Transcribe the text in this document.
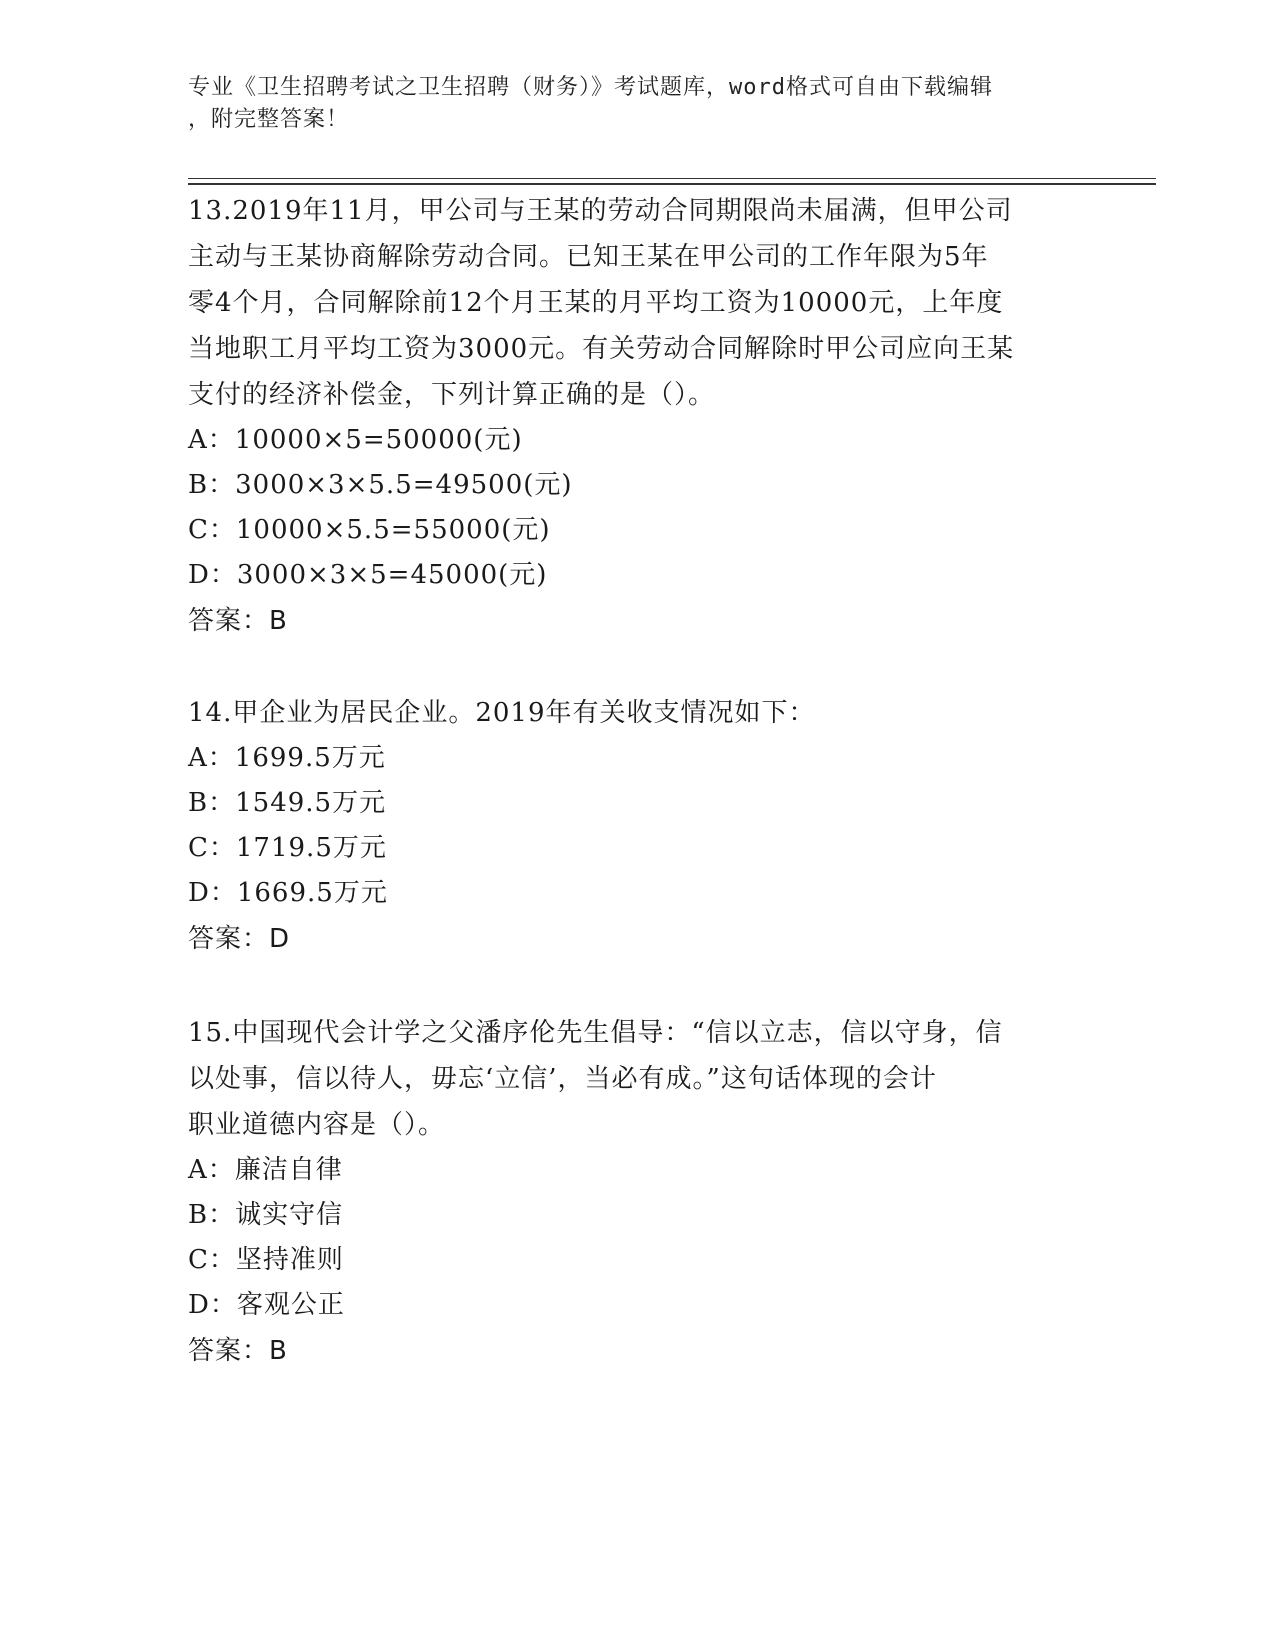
专业《卫生招聘考试之卫生招聘（财务）》考试题库，word格式可自由下载编辑
，附完整答案！
13.2019年11月，甲公司与王某的劳动合同期限尚未届满，但甲公司
主动与王某协商解除劳动合同。已知王某在甲公司的工作年限为5年
零4个月，合同解除前12个月王某的月平均工资为10000元，上年度
当地职工月平均工资为3000元。有关劳动合同解除时甲公司应向王某
支付的经济补偿金，下列计算正确的是（）。
A：10000×5=50000(元)
B：3000×3×5.5=49500(元)
C：10000×5.5=55000(元)
D：3000×3×5=45000(元)
答案：B
14.甲企业为居民企业。2019年有关收支情况如下：
A：1699.5万元
B：1549.5万元
C：1719.5万元
D：1669.5万元
答案：D
15.中国现代会计学之父潘序伦先生倡导：“信以立志，信以守身，信
以处事，信以待人，毋忘‘立信’，当必有成。”这句话体现的会计
职业道德内容是（）。
A：廉洁自律
B：诚实守信
C：坚持准则
D：客观公正
答案：B
